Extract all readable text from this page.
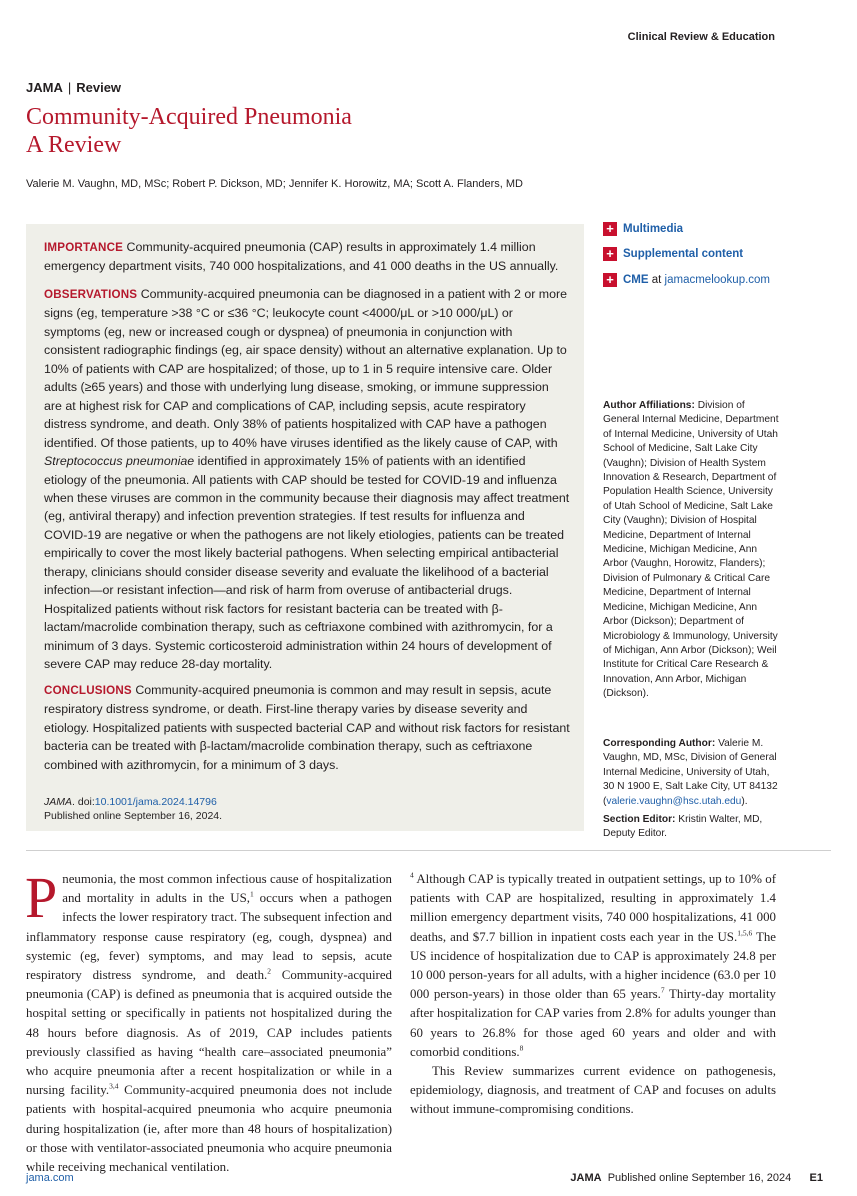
Clinical Review & Education
JAMA | Review
Community-Acquired Pneumonia
A Review
Valerie M. Vaughn, MD, MSc; Robert P. Dickson, MD; Jennifer K. Horowitz, MA; Scott A. Flanders, MD
IMPORTANCE Community-acquired pneumonia (CAP) results in approximately 1.4 million emergency department visits, 740 000 hospitalizations, and 41 000 deaths in the US annually.
OBSERVATIONS Community-acquired pneumonia can be diagnosed in a patient with 2 or more signs (eg, temperature >38 °C or ≤36 °C; leukocyte count <4000/μL or >10 000/μL) or symptoms (eg, new or increased cough or dyspnea) of pneumonia in conjunction with consistent radiographic findings (eg, air space density) without an alternative explanation. Up to 10% of patients with CAP are hospitalized; of those, up to 1 in 5 require intensive care. Older adults (≥65 years) and those with underlying lung disease, smoking, or immune suppression are at highest risk for CAP and complications of CAP, including sepsis, acute respiratory distress syndrome, and death. Only 38% of patients hospitalized with CAP have a pathogen identified. Of those patients, up to 40% have viruses identified as the likely cause of CAP, with Streptococcus pneumoniae identified in approximately 15% of patients with an identified etiology of the pneumonia. All patients with CAP should be tested for COVID-19 and influenza when these viruses are common in the community because their diagnosis may affect treatment (eg, antiviral therapy) and infection prevention strategies. If test results for influenza and COVID-19 are negative or when the pathogens are not likely etiologies, patients can be treated empirically to cover the most likely bacterial pathogens. When selecting empirical antibacterial therapy, clinicians should consider disease severity and evaluate the likelihood of a bacterial infection—or resistant infection—and risk of harm from overuse of antibacterial drugs. Hospitalized patients without risk factors for resistant bacteria can be treated with β-lactam/macrolide combination therapy, such as ceftriaxone combined with azithromycin, for a minimum of 3 days. Systemic corticosteroid administration within 24 hours of development of severe CAP may reduce 28-day mortality.
CONCLUSIONS Community-acquired pneumonia is common and may result in sepsis, acute respiratory distress syndrome, or death. First-line therapy varies by disease severity and etiology. Hospitalized patients with suspected bacterial CAP and without risk factors for resistant bacteria can be treated with β-lactam/macrolide combination therapy, such as ceftriaxone combined with azithromycin, for a minimum of 3 days.
JAMA. doi:10.1001/jama.2024.14796
Published online September 16, 2024.
+ Multimedia
+ Supplemental content
+ CME at jamacmelookup.com
Author Affiliations: Division of General Internal Medicine, Department of Internal Medicine, University of Utah School of Medicine, Salt Lake City (Vaughn); Division of Health System Innovation & Research, Department of Population Health Science, University of Utah School of Medicine, Salt Lake City (Vaughn); Division of Hospital Medicine, Department of Internal Medicine, Michigan Medicine, Ann Arbor (Vaughn, Horowitz, Flanders); Division of Pulmonary & Critical Care Medicine, Department of Internal Medicine, Michigan Medicine, Ann Arbor (Dickson); Department of Microbiology & Immunology, University of Michigan, Ann Arbor (Dickson); Weil Institute for Critical Care Research & Innovation, Ann Arbor, Michigan (Dickson).
Corresponding Author: Valerie M. Vaughn, MD, MSc, Division of General Internal Medicine, University of Utah, 30 N 1900 E, Salt Lake City, UT 84132 (valerie.vaughn@hsc.utah.edu).
Section Editor: Kristin Walter, MD, Deputy Editor.
Pneumonia, the most common infectious cause of hospitalization and mortality in adults in the US,$^1$ occurs when a pathogen infects the lower respiratory tract. The subsequent infection and inflammatory response cause respiratory (eg, cough, dyspnea) and systemic (eg, fever) symptoms, and may lead to sepsis, acute respiratory distress syndrome, and death.$^2$ Community-acquired pneumonia (CAP) is defined as pneumonia that is acquired outside the hospital setting or specifically in patients not hospitalized during the 48 hours before diagnosis. As of 2019, CAP includes patients previously classified as having “health care–associated pneumonia” who acquire pneumonia after a recent hospitalization or while in a nursing facility.$^{3,4}$ Community-acquired pneumonia does not include patients with hospital-acquired pneumonia who acquire pneumonia during hospitalization (ie, after more than 48 hours of hospitalization) or those with ventilator-associated pneumonia who acquire pneumonia while receiving mechanical ventilation.
$^4$ Although CAP is typically treated in outpatient settings, up to 10% of patients with CAP are hospitalized, resulting in approximately 1.4 million emergency department visits, 740 000 hospitalizations, 41 000 deaths, and $7.7 billion in inpatient costs each year in the US.$^{1,5,6}$ The US incidence of hospitalization due to CAP is approximately 24.8 per 10 000 person-years for all adults, with a higher incidence (63.0 per 10 000 person-years) in those older than 65 years.$^7$ Thirty-day mortality after hospitalization for CAP varies from 2.8% for adults younger than 60 years to 26.8% for those aged 60 years and older and with comorbid conditions.$^8$
This Review summarizes current evidence on pathogenesis, epidemiology, diagnosis, and treatment of CAP and focuses on adults without immune-compromising conditions.
jama.com	JAMA Published online September 16, 2024 E1
